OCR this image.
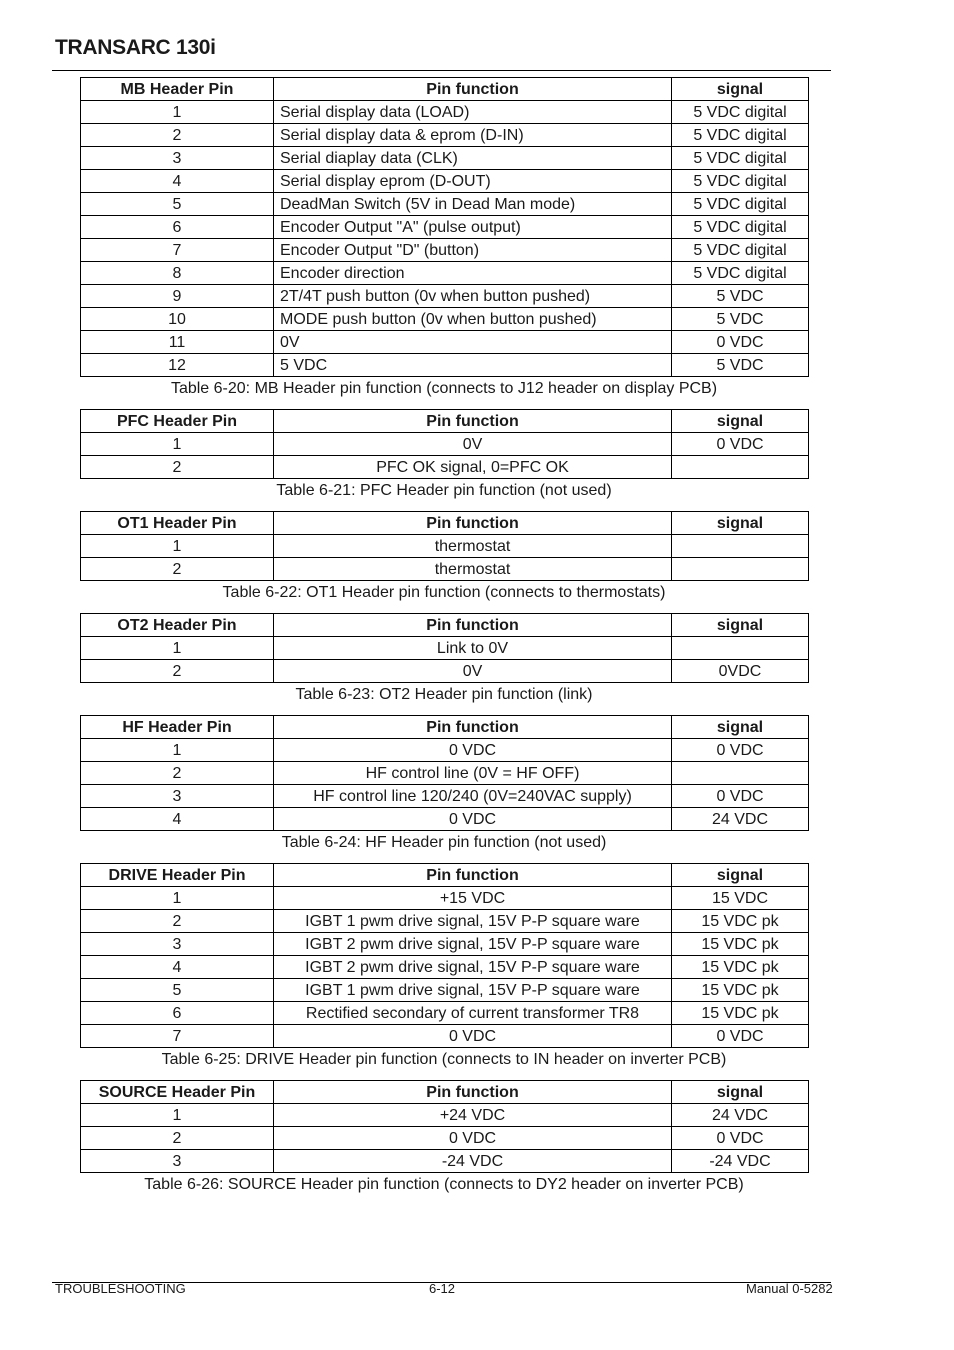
TRANSARC 130i
MB Header Pin	Pin function	signal
1	Serial display data (LOAD)	5 VDC digital
2	Serial display data & eprom (D-IN)	5 VDC digital
3	Serial diaplay data (CLK)	5 VDC digital
4	Serial display eprom (D-OUT)	5 VDC digital
5	DeadMan Switch (5V in Dead Man mode)	5 VDC digital
6	Encoder Output "A" (pulse output)	5 VDC digital
7	Encoder Output "D" (button)	5 VDC digital
8	Encoder direction	5 VDC digital
9	2T/4T push button (0v when button pushed)	5 VDC
10	MODE push button (0v when button pushed)	5 VDC
11	0V	0 VDC
12	5 VDC	5 VDC
Table 6-20: MB Header pin function (connects to J12 header on display PCB)
PFC Header Pin	Pin function	signal
1	0V	0 VDC
2	PFC OK signal, 0=PFC OK	
Table 6-21: PFC Header pin function (not used)
OT1 Header Pin	Pin function	signal
1	thermostat	
2	thermostat	
Table 6-22: OT1 Header pin function (connects to thermostats)
OT2 Header Pin	Pin function	signal
1	Link to 0V	
2	0V	0VDC
Table 6-23: OT2 Header pin function (link)
HF Header Pin	Pin function	signal
1	0 VDC	0 VDC
2	HF control line (0V = HF OFF)	
3	HF control line 120/240 (0V=240VAC supply)	0 VDC
4	0 VDC	24 VDC
Table 6-24: HF Header pin function (not used)
DRIVE Header Pin	Pin function	signal
1	+15 VDC	15 VDC
2	IGBT 1 pwm drive signal, 15V P-P square ware	15 VDC pk
3	IGBT 2 pwm drive signal, 15V P-P square ware	15 VDC pk
4	IGBT 2 pwm drive signal, 15V P-P square ware	15 VDC pk
5	IGBT 1 pwm drive signal, 15V P-P square ware	15 VDC pk
6	Rectified secondary of current transformer TR8	15 VDC pk
7	0 VDC	0 VDC
Table 6-25: DRIVE Header pin function (connects to IN header on inverter PCB)
SOURCE Header Pin	Pin function	signal
1	+24 VDC	24 VDC
2	0 VDC	0 VDC
3	-24 VDC	-24 VDC
Table 6-26: SOURCE Header pin function (connects to DY2 header on inverter PCB)
TROUBLESHOOTING	6-12	Manual 0-5282
